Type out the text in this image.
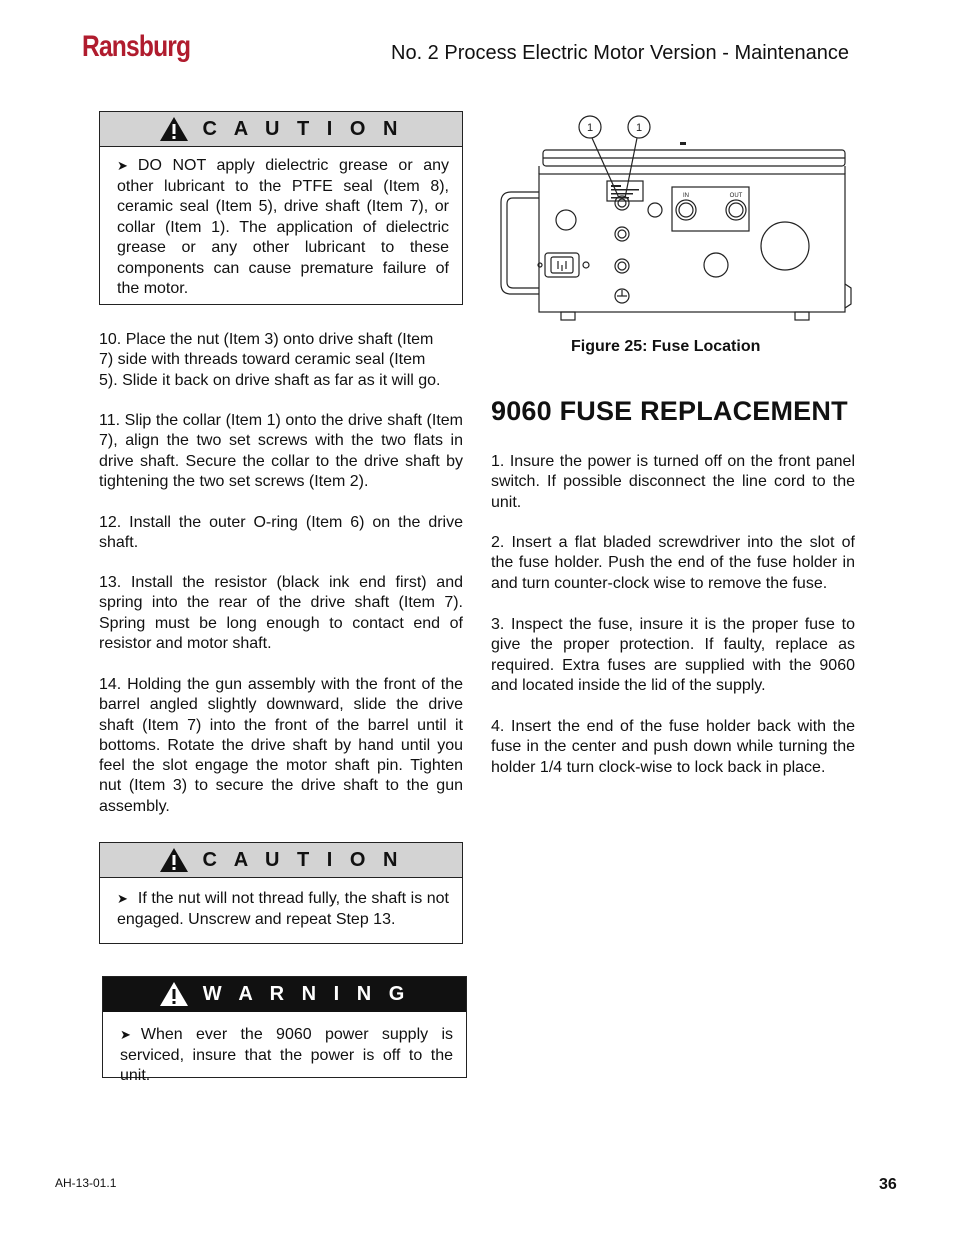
Ransburg	No. 2 Process Electric Motor Version - Maintenance
C A U T I O N
➤ DO NOT apply dielectric grease or any other lubricant to the PTFE seal (Item 8), ceramic seal (Item 5), drive shaft (Item 7), or collar (Item 1). The application of dielectric grease or any other lubricant to these components can cause premature failure of the motor.
10. Place the nut (Item 3) onto drive shaft (Item 7) side with threads toward ceramic seal (Item 5). Slide it back on drive shaft as far as it will go.
11. Slip the collar (Item 1) onto the drive shaft (Item 7), align the two set screws with the two flats in drive shaft. Secure the collar to the drive shaft by tightening the two set screws (Item 2).
12. Install the outer O-ring (Item 6) on the drive shaft.
13. Install the resistor (black ink end first) and spring into the rear of the drive shaft (Item 7). Spring must be long enough to contact end of resistor and motor shaft.
14. Holding the gun assembly with the front of the barrel angled slightly downward, slide the drive shaft (Item 7) into the front of the barrel until it bottoms. Rotate the drive shaft by hand until you feel the slot engage the motor shaft pin. Tighten nut (Item 3) to secure the drive shaft to the gun assembly.
C A U T I O N
➤ If the nut will not thread fully, the shaft is not engaged. Unscrew and repeat Step 13.
W A R N I N G
➤ When ever the 9060 power supply is serviced, insure that the power is off to the unit.
1	1
IN	OUT
Figure 25: Fuse Location
9060 FUSE REPLACEMENT
1. Insure the power is turned off on the front panel switch. If possible disconnect the line cord to the unit.
2. Insert a flat bladed screwdriver into the slot of the fuse holder. Push the end of the fuse holder in and turn counter-clock wise to remove the fuse.
3. Inspect the fuse, insure it is the proper fuse to give the proper protection. If faulty, replace as required. Extra fuses are supplied with the 9060 and located inside the lid of the supply.
4. Insert the end of the fuse holder back with the fuse in the center and push down while turning the holder 1/4 turn clock-wise to lock back in place.
AH-13-01.1	36
